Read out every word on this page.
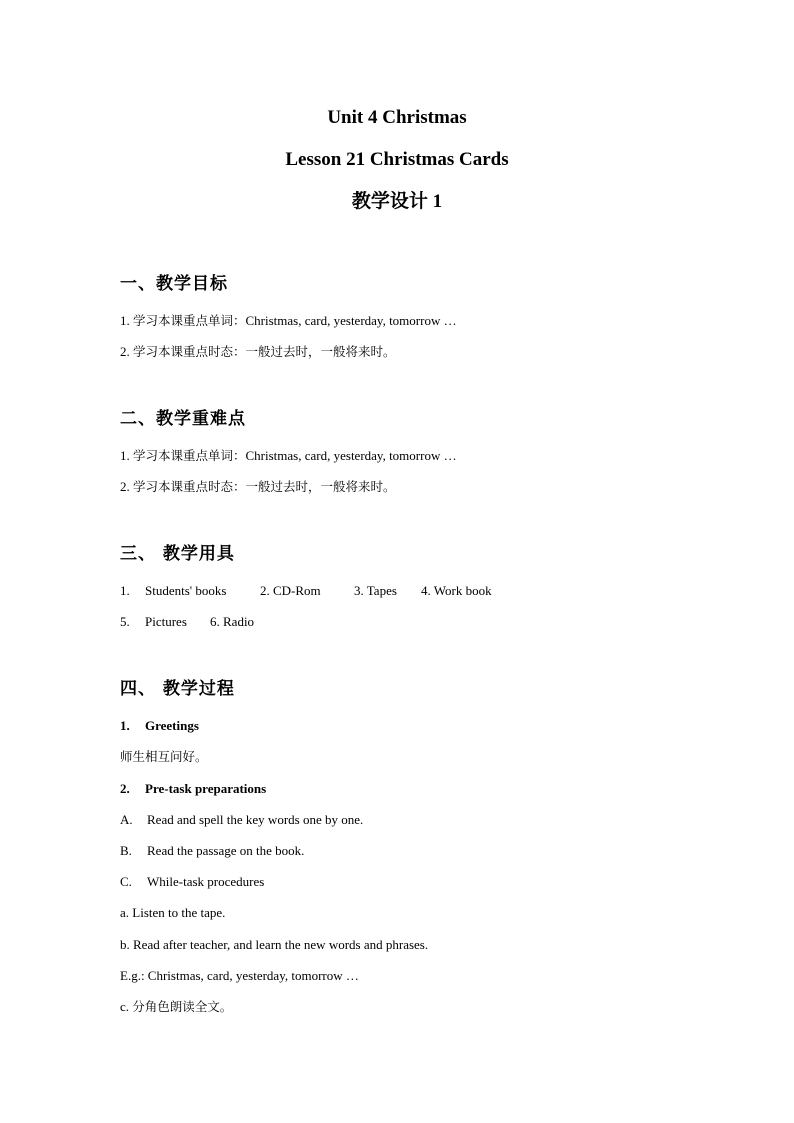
Unit 4 Christmas
Lesson 21 Christmas Cards
教学设计 1
一、教学目标
1. 学习本课重点单词：Christmas, card, yesterday, tomorrow …
2. 学习本课重点时态：一般过去时，一般将来时。
二、教学重难点
1. 学习本课重点单词：Christmas, card, yesterday, tomorrow …
2. 学习本课重点时态：一般过去时，一般将来时。
三、 教学用具
1. Students' books	2. CD-Rom	3. Tapes 4. Work book
5. Pictures 6. Radio
四、 教学过程
1. Greetings
师生相互问好。
2. Pre-task preparations
A. Read and spell the key words one by one.
B. Read the passage on the book.
C. While-task procedures
a. Listen to the tape.
b. Read after teacher, and learn the new words and phrases.
E.g.: Christmas, card, yesterday, tomorrow …
c. 分角色朗读全文。
